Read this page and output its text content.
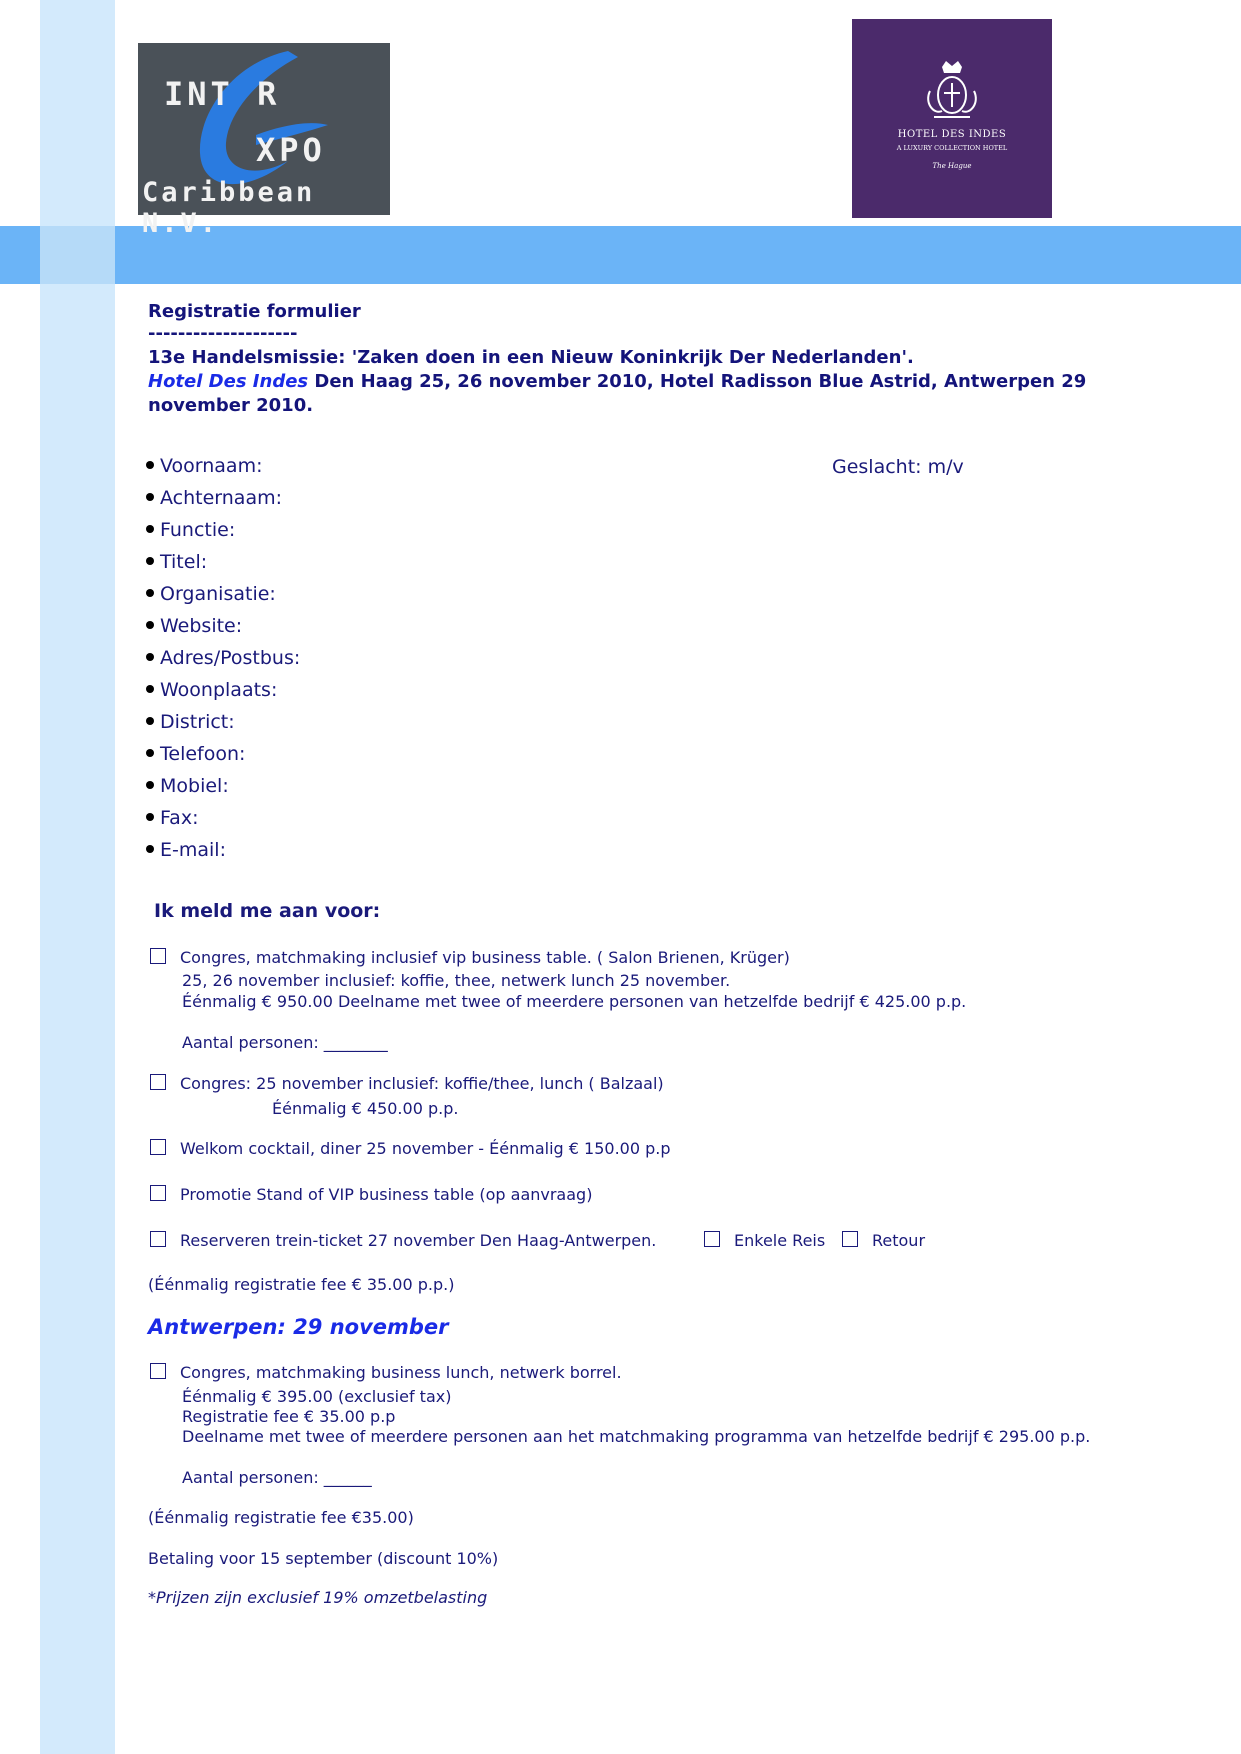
INT R
XPO
Caribbean N.V.
HOTEL DES INDES
A LUXURY COLLECTION HOTEL
The Hague
Registratie formulier
--------------------
13e Handelsmissie: 'Zaken doen in een Nieuw Koninkrijk Der Nederlanden'.
Hotel Des Indes Den Haag 25, 26 november 2010, Hotel Radisson Blue Astrid, Antwerpen 29
november 2010.
Voornaam:
Achternaam:
Functie:
Titel:
Organisatie:
Website:
Adres/Postbus:
Woonplaats:
District:
Telefoon:
Mobiel:
Fax:
E-mail:
Geslacht: m/v
Ik meld me aan voor:
Congres, matchmaking inclusief vip business table. ( Salon Brienen, Krüger)
25, 26 november inclusief: koffie, thee, netwerk lunch 25 november.
Éénmalig € 950.00 Deelname met twee of meerdere personen van hetzelfde bedrijf € 425.00 p.p.
Aantal personen: ________
Congres: 25 november inclusief: koffie/thee, lunch ( Balzaal)
Éénmalig € 450.00 p.p.
Welkom cocktail, diner 25 november - Éénmalig € 150.00 p.p
Promotie Stand of VIP business table (op aanvraag)
Reserveren trein-ticket 27 november Den Haag-Antwerpen.	Enkele Reis	Retour
(Éénmalig registratie fee € 35.00 p.p.)
Antwerpen: 29 november
Congres, matchmaking business lunch, netwerk borrel.
Éénmalig € 395.00 (exclusief tax)
Registratie fee € 35.00 p.p
Deelname met twee of meerdere personen aan het matchmaking programma van hetzelfde bedrijf € 295.00 p.p.
Aantal personen: ______
(Éénmalig registratie fee €35.00)
Betaling voor 15 september (discount 10%)
*Prijzen zijn exclusief 19% omzetbelasting
